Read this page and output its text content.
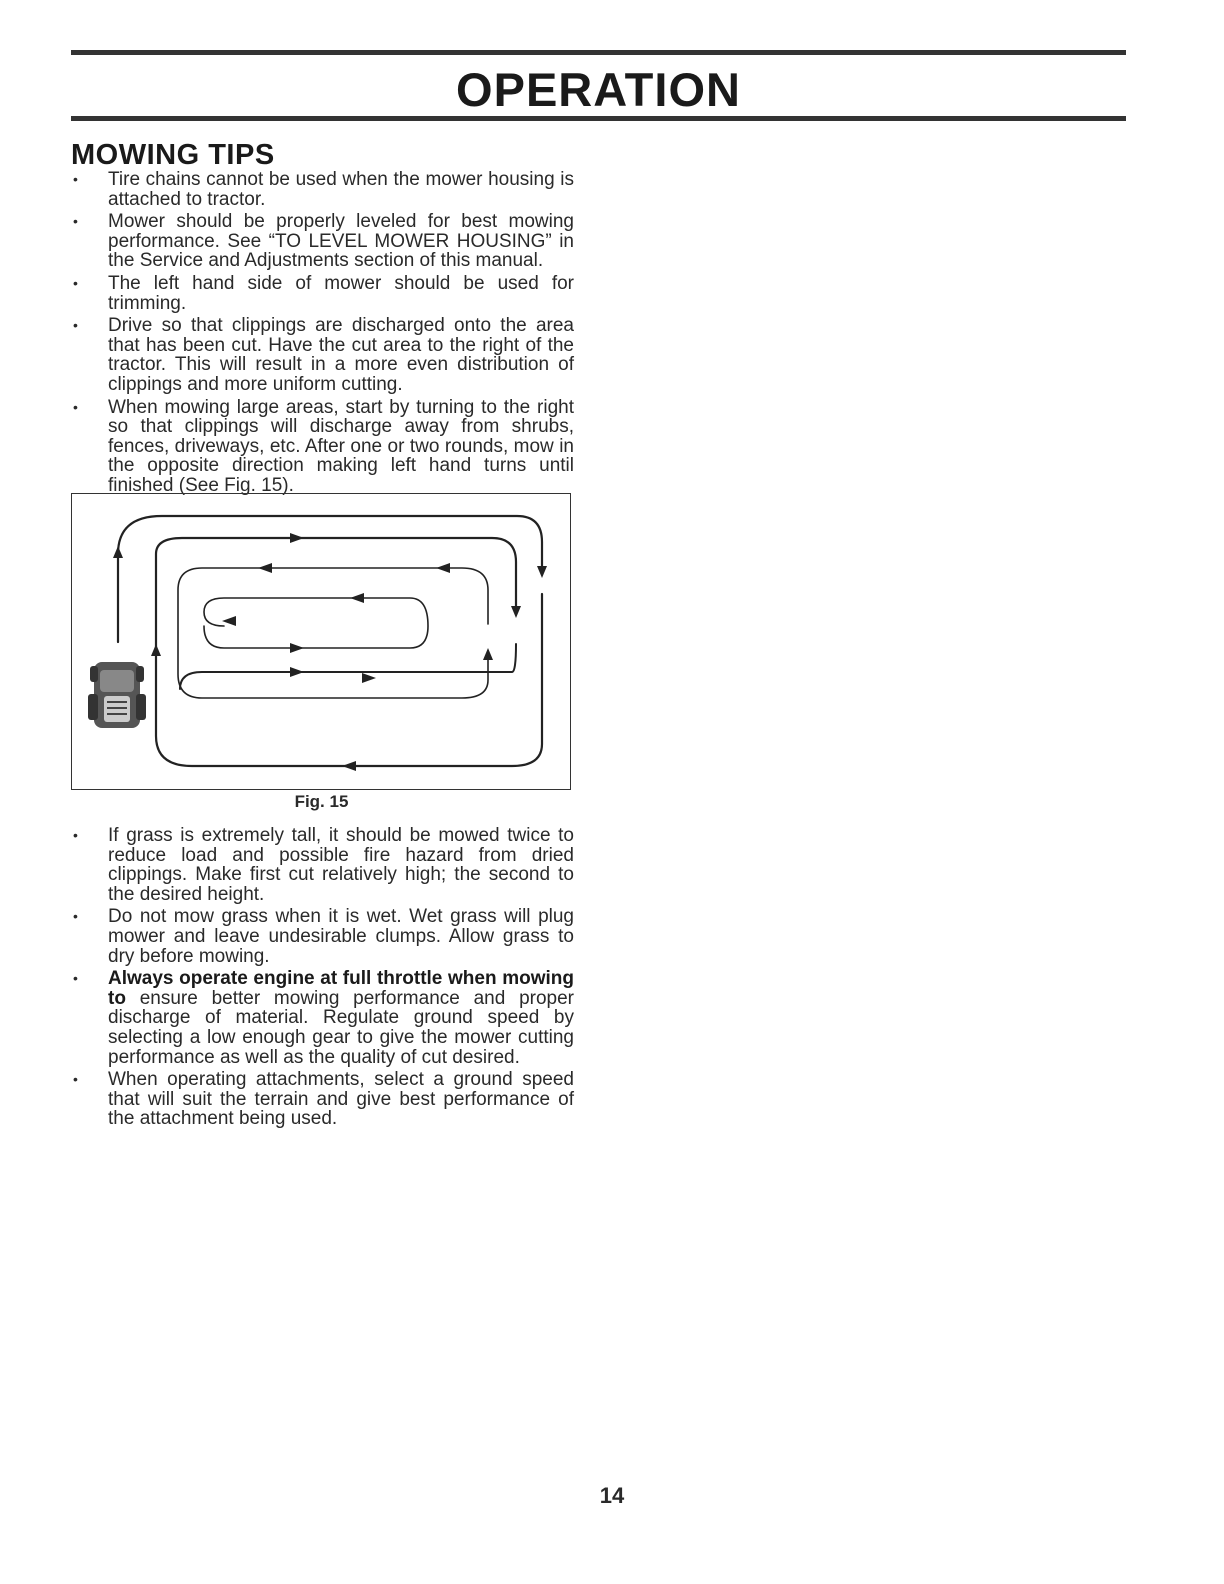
OPERATION
MOWING TIPS
• Tire chains cannot be used when the mower housing is attached to tractor.
• Mower should be properly leveled for best mowing performance. See “TO LEVEL MOWER HOUSING” in the Service and Adjustments section of this manual.
• The left hand side of mower should be used for trimming.
• Drive so that clippings are discharged onto the area that has been cut. Have the cut area to the right of the tractor. This will result in a more even distribution of clippings and more uniform cutting.
• When mowing large areas, start by turning to the right so that clippings will discharge away from shrubs, fences, driveways, etc. After one or two rounds, mow in the opposite direction making left hand turns until finished (See Fig. 15).
Fig. 15
• If grass is extremely tall, it should be mowed twice to reduce load and possible fire hazard from dried clippings. Make first cut relatively high; the second to the desired height.
• Do not mow grass when it is wet. Wet grass will plug mower and leave undesirable clumps. Allow grass to dry before mowing.
• Always operate engine at full throttle when mowing to ensure better mowing performance and proper discharge of material. Regulate ground speed by selecting a low enough gear to give the mower cutting performance as well as the quality of cut desired.
• When operating attachments, select a ground speed that will suit the terrain and give best performance of the attachment being used.
14
